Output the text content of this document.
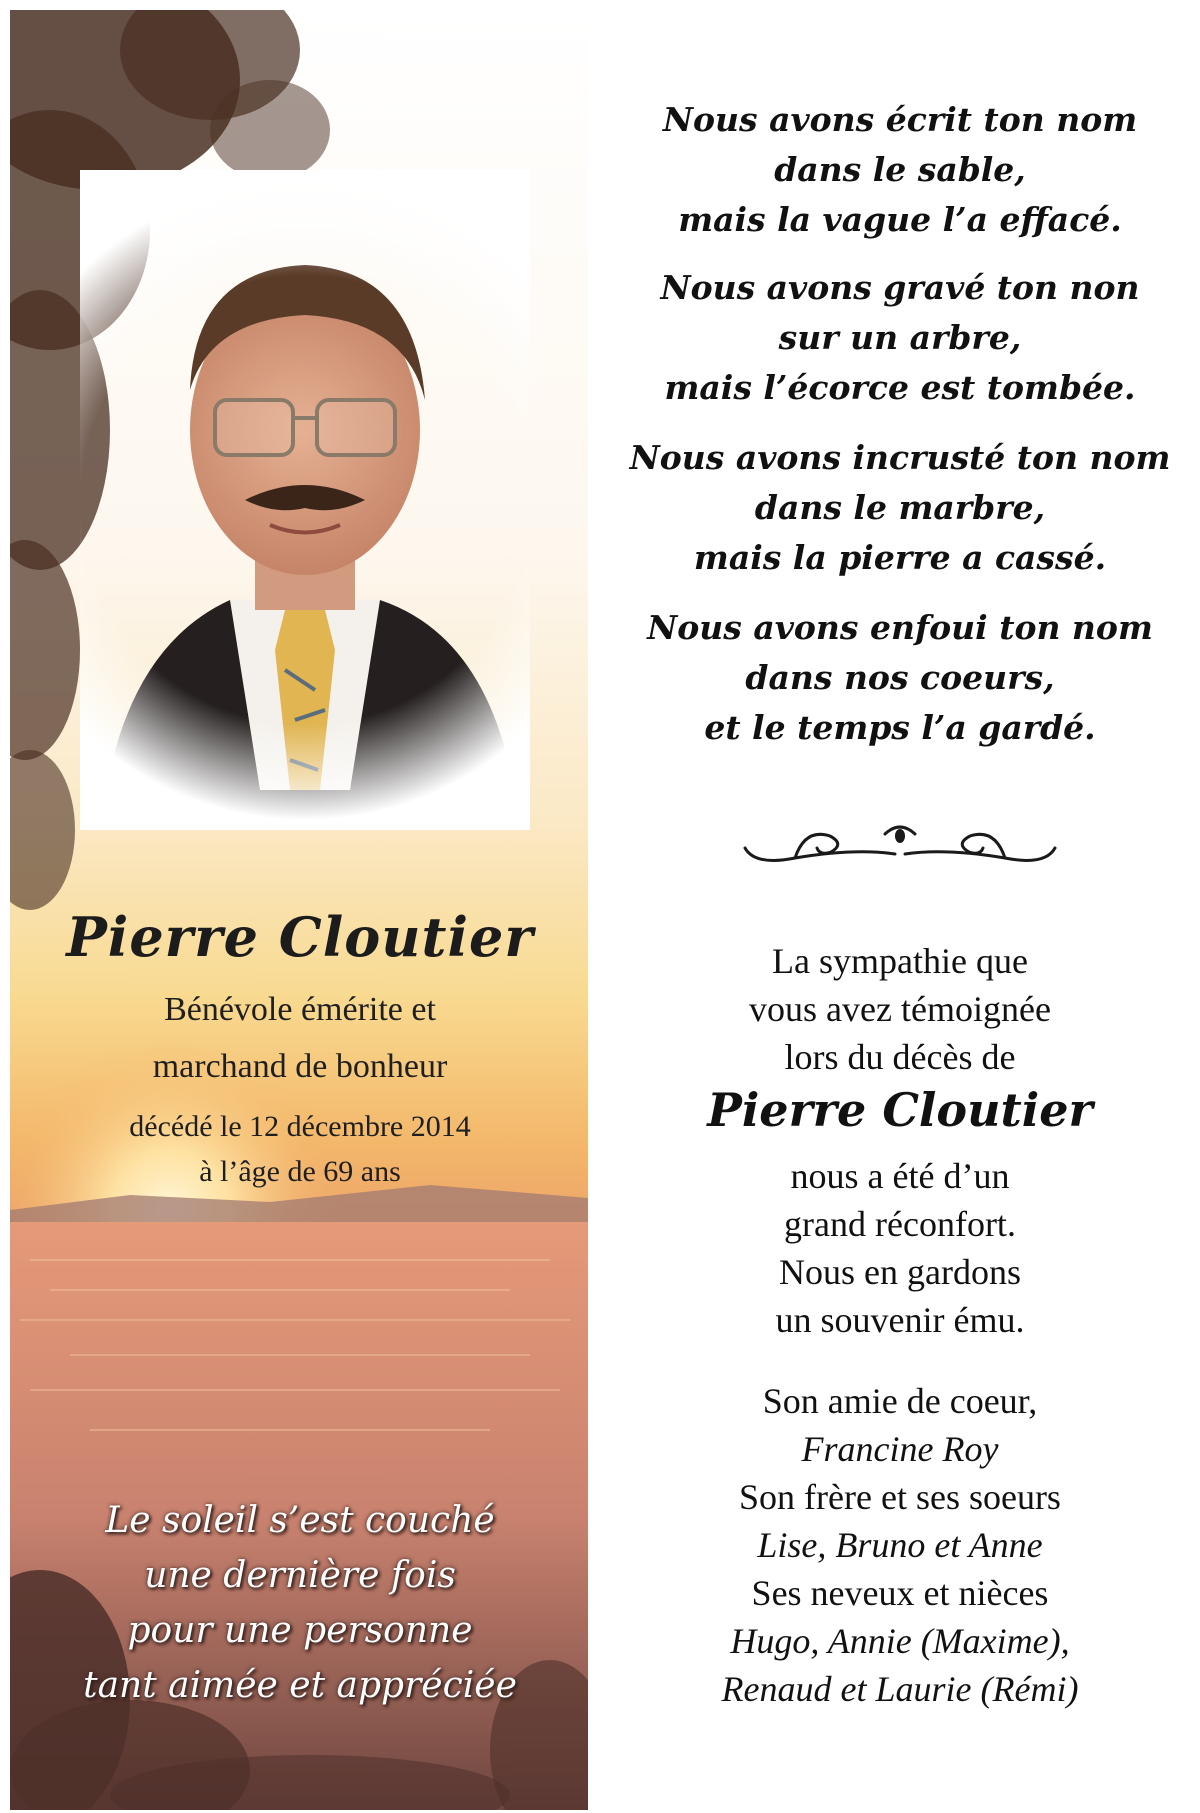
Pierre Cloutier
Bénévole émérite et
marchand de bonheur
décédé le 12 décembre 2014
à l’âge de 69 ans
Le soleil s’est couché
une dernière fois
pour une personne
tant aimée et appréciée
Nous avons écrit ton nom
dans le sable,
mais la vague l’a effacé.
Nous avons gravé ton non
sur un arbre,
mais l’écorce est tombée.
Nous avons incrusté ton nom
dans le marbre,
mais la pierre a cassé.
Nous avons enfoui ton nom
dans nos coeurs,
et le temps l’a gardé.
La sympathie que
vous avez témoignée
lors du décès de
Pierre Cloutier
nous a été d’un
grand réconfort.
Nous en gardons
un souvenir ému.
Son amie de coeur,
Francine Roy
Son frère et ses soeurs
Lise, Bruno et Anne
Ses neveux et nièces
Hugo, Annie (Maxime),
Renaud et Laurie (Rémi)
